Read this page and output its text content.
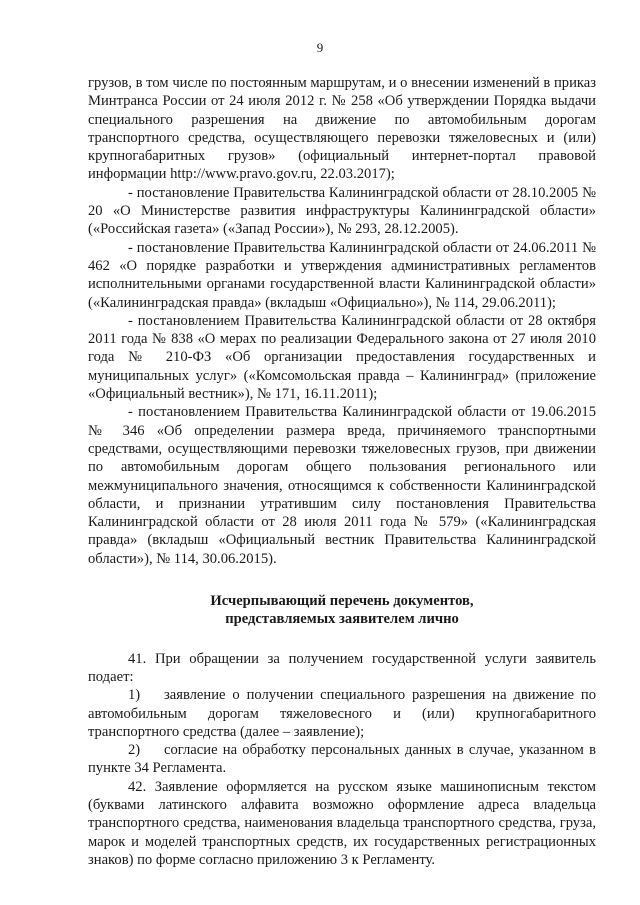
9

грузов, в том числе по постоянным маршрутам, и о внесении изменений в приказ Минтранса России от 24 июля 2012 г. № 258 «Об утверждении Порядка выдачи специального разрешения на движение по автомобильным дорогам транспортного средства, осуществляющего перевозки тяжеловесных и (или) крупногабаритных грузов» (официальный интернет-портал правовой информации http://www.pravo.gov.ru, 22.03.2017);

- постановление Правительства Калининградской области от 28.10.2005 № 20 «О Министерстве развития инфраструктуры Калининградской области» («Российская газета» («Запад России»), № 293, 28.12.2005).

- постановление Правительства Калининградской области от 24.06.2011 № 462 «О порядке разработки и утверждения административных регламентов исполнительными органами государственной власти Калининградской области» («Калининградская правда» (вкладыш «Официально»), № 114, 29.06.2011);

- постановлением Правительства Калининградской области от 28 октября 2011 года № 838 «О мерах по реализации Федерального закона от 27 июля 2010 года № 210-ФЗ «Об организации предоставления государственных и муниципальных услуг» («Комсомольская правда – Калининград» (приложение «Официальный вестник»), № 171, 16.11.2011);

- постановлением Правительства Калининградской области от 19.06.2015 № 346 «Об определении размера вреда, причиняемого транспортными средствами, осуществляющими перевозки тяжеловесных грузов, при движении по автомобильным дорогам общего пользования регионального или межмуниципального значения, относящимся к собственности Калининградской области, и признании утратившим силу постановления Правительства Калининградской области от 28 июля 2011 года № 579» («Калининградская правда» (вкладыш «Официальный вестник Правительства Калининградской области»), № 114, 30.06.2015).

Исчерпывающий перечень документов,
представляемых заявителем лично

41. При обращении за получением государственной услуги заявитель подает:

1) заявление о получении специального разрешения на движение по автомобильным дорогам тяжеловесного и (или) крупногабаритного транспортного средства (далее – заявление);

2) согласие на обработку персональных данных в случае, указанном в пункте 34 Регламента.

42. Заявление оформляется на русском языке машинописным текстом (буквами латинского алфавита возможно оформление адреса владельца транспортного средства, наименования владельца транспортного средства, груза, марок и моделей транспортных средств, их государственных регистрационных знаков) по форме согласно приложению 3 к Регламенту.
